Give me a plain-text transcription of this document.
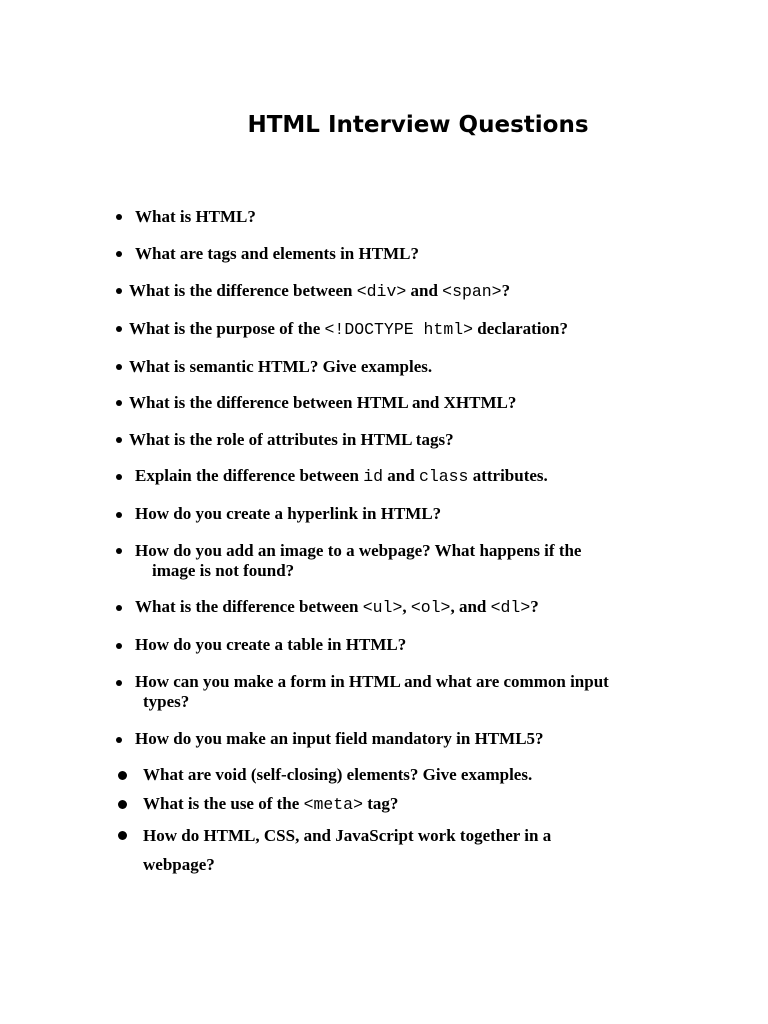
HTML Interview Questions
What is HTML?
What are tags and elements in HTML?
What is the difference between <div> and <span>?
What is the purpose of the <!DOCTYPE html> declaration?
What is semantic HTML? Give examples.
What is the difference between HTML and XHTML?
What is the role of attributes in HTML tags?
Explain the difference between id and class attributes.
How do you create a hyperlink in HTML?
How do you add an image to a webpage? What happens if the
image is not found?
What is the difference between <ul>, <ol>, and <dl>?
How do you create a table in HTML?
How can you make a form in HTML and what are common input
types?
How do you make an input field mandatory in HTML5?
What are void (self-closing) elements? Give examples.
What is the use of the <meta> tag?
How do HTML, CSS, and JavaScript work together in a
webpage?
